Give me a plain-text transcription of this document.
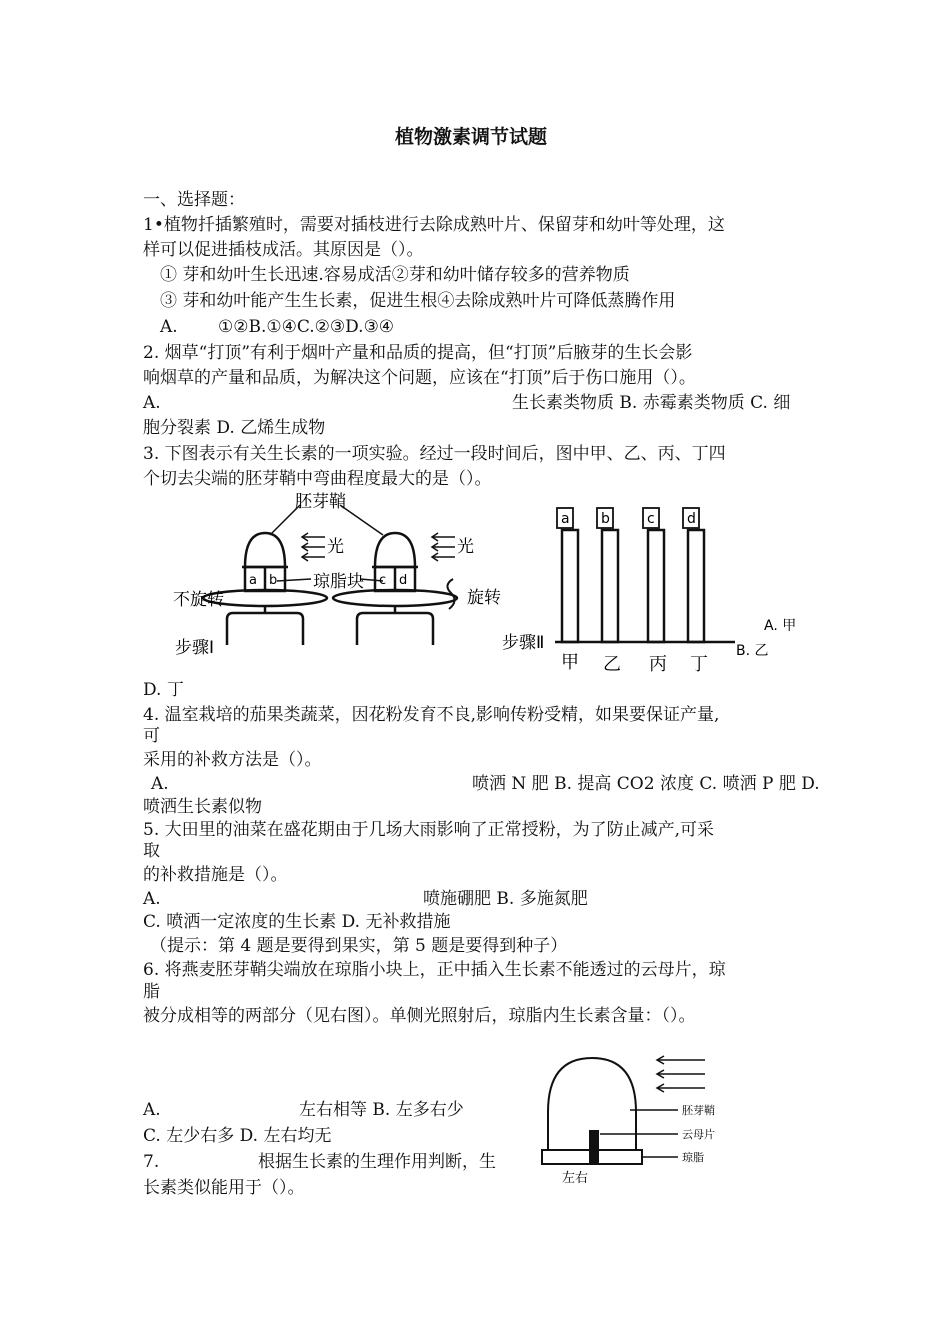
植物激素调节试题
一、选择题：
1•植物扦插繁殖时，需要对插枝进行去除成熟叶片、保留芽和幼叶等处理，这
样可以促进插枝成活。其原因是（）。
① 芽和幼叶生长迅速.容易成活②芽和幼叶储存较多的营养物质
③ 芽和幼叶能产生生长素，促进生根④去除成熟叶片可降低蒸腾作用
A. ①②B.①④C.②③D.③④
2. 烟草“打顶”有利于烟叶产量和品质的提高，但“打顶”后腋芽的生长会影
响烟草的产量和品质，为解决这个问题，应该在“打顶”后于伤口施用（）。
A.	生长素类物质 B. 赤霉素类物质 C. 细
胞分裂素 D. 乙烯生成物
3. 下图表示有关生长素的一项实验。经过一段时间后，图中甲、乙、丙、丁四
个切去尖端的胚芽鞘中弯曲程度最大的是（）。
胚芽鞘
光	光
琼脂块
a b	c d
不旋转	旋转
步骤Ⅰ
a b	c d
步骤Ⅱ
甲 乙 丙 丁
A. 甲
B. 乙
D. 丁
4. 温室栽培的茄果类蔬菜，因花粉发育不良,影响传粉受精，如果要保证产量,
可
采用的补救方法是（）。
A.	喷洒 N 肥 B. 提高 CO2 浓度 C. 喷洒 P 肥 D.
喷洒生长素似物
5. 大田里的油菜在盛花期由于几场大雨影响了正常授粉，为了防止减产,可采
取
的补救措施是（）。
A.	喷施硼肥 B. 多施氮肥
C. 喷洒一定浓度的生长素 D. 无补救措施
（提示：第 4 题是要得到果实，第 5 题是要得到种子）
6. 将燕麦胚芽鞘尖端放在琼脂小块上，正中插入生长素不能透过的云母片，琼
脂
被分成相等的两部分（见右图）。单侧光照射后，琼脂内生长素含量：（）。
胚芽鞘
云母片
琼脂
左右
A.	左右相等 B. 左多右少
C. 左少右多 D. 左右均无
7.	根据生长素的生理作用判断，生
长素类似能用于（）。
